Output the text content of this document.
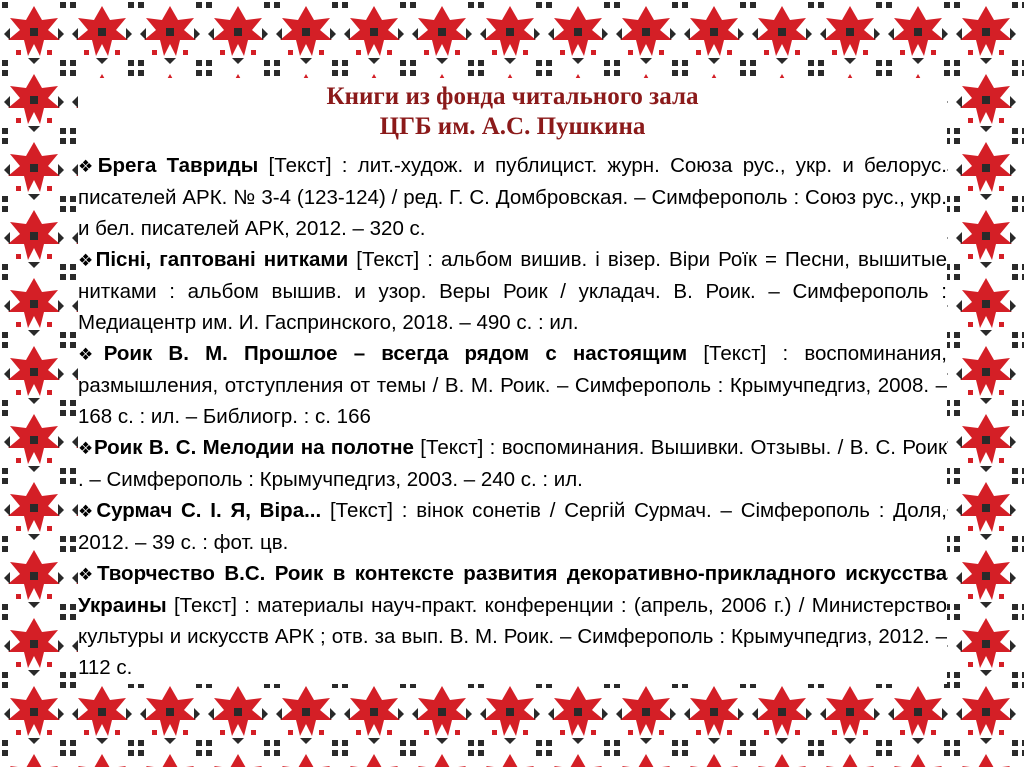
Книги из фонда читального зала
ЦГБ им. А.С. Пушкина
❖Брега Тавриды [Текст] : лит.-худож. и публицист. журн. Союза рус., укр. и белорус. писателей АРК. № 3-4 (123-124) / ред. Г. С. Домбровская. – Симферополь : Союз рус., укр. и бел. писателей АРК, 2012. – 320 с.
❖Пісні, гаптовані нитками [Текст] : альбом вишив. і візер. Віри Роїк = Песни, вышитые нитками : альбом вышив. и узор. Веры Роик / укладач. В. Роик. – Симферополь : Медиацентр им. И. Гаспринского, 2018. – 490 с. : ил.
❖Роик В. М. Прошлое – всегда рядом с настоящим [Текст] : воспоминания, размышления, отступления от темы / В. М. Роик. – Симферополь : Крымучпедгиз, 2008. – 168 с. : ил. – Библиогр. : с. 166
❖Роик В. С. Мелодии на полотне [Текст] : воспоминания. Вышивки. Отзывы. / В. С. Роик . – Симферополь : Крымучпедгиз, 2003. – 240 с. : ил.
❖Сурмач С. І. Я, Віра... [Текст] : вінок сонетів / Сергій Сурмач. – Сімферополь : Доля, 2012. – 39 с. : фот. цв.
❖Творчество В.С. Роик в контексте развития декоративно-прикладного искусства Украины [Текст] : материалы науч-практ. конференции : (апрель, 2006 г.) / Министерство культуры и искусств АРК ; отв. за вып. В. М. Роик. – Симферополь : Крымучпедгиз, 2012. – 112 с.
